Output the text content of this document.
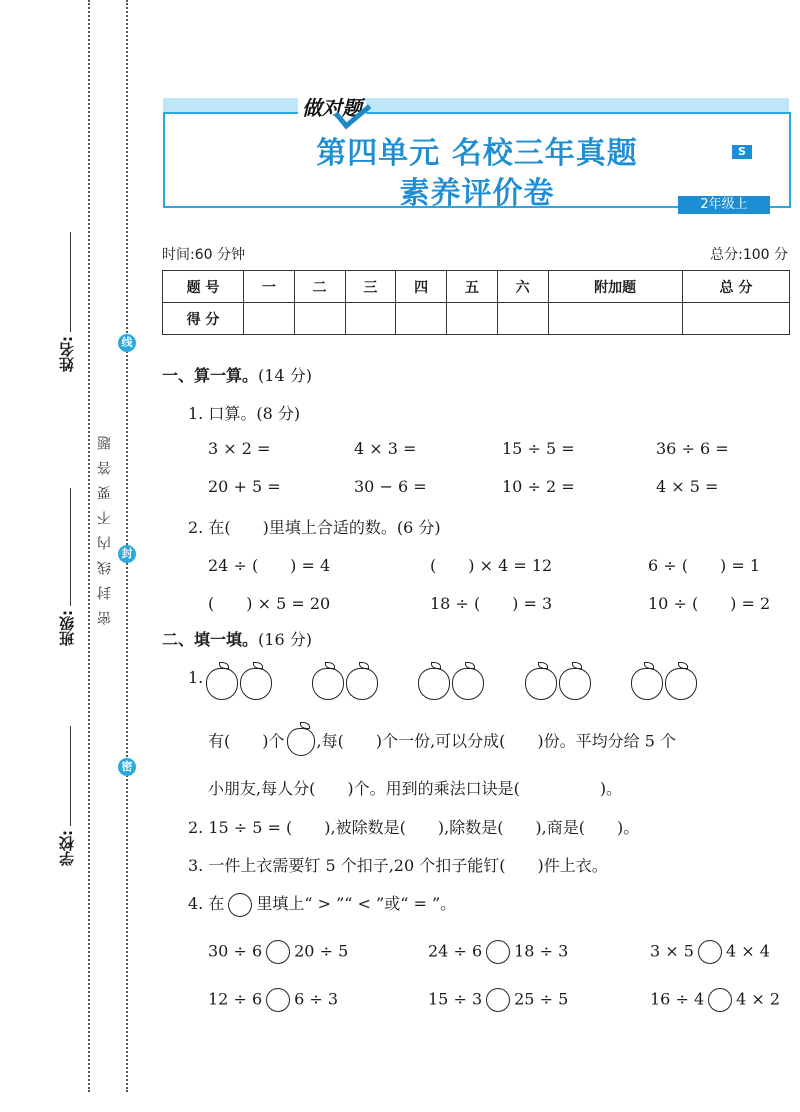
姓名:
班级:
学校:
密封线内不要答题
线
封
密
做对题
第四单元 名校三年真题
素养评价卷
S
2年级上
时间:60 分钟	总分:100 分
题 号	一	二	三	四	五	六	附加题	总 分
得 分								
一、算一算。(14 分)
1. 口算。(8 分)
3 × 2 =	4 × 3 =	15 ÷ 5 =	36 ÷ 6 =
20 + 5 =	30 − 6 =	10 ÷ 2 =	4 × 5 =
2. 在(　　)里填上合适的数。(6 分)
24 ÷ (　　) = 4	(　　) × 4 = 12	6 ÷ (　　) = 1
(　　) × 5 = 20	18 ÷ (　　) = 3	10 ÷ (　　) = 2
二、填一填。(16 分)
1.

有(　　)个 ,每(　　)个一份,可以分成(　　)份。平均分给 5 个
小朋友,每人分(　　)个。用到的乘法口诀是(　　　　　)。
2. 15 ÷ 5 = (　　),被除数是(　　),除数是(　　),商是(　　)。
3. 一件上衣需要钉 5 个扣子,20 个扣子能钉(　　)件上衣。
4. 在 里填上“ > ”“ < ”或“ = ”。
30 ÷ 6 20 ÷ 5	24 ÷ 6 18 ÷ 3	3 × 5 4 × 4
12 ÷ 6 6 ÷ 3	15 ÷ 3 25 ÷ 5	16 ÷ 4 4 × 2
